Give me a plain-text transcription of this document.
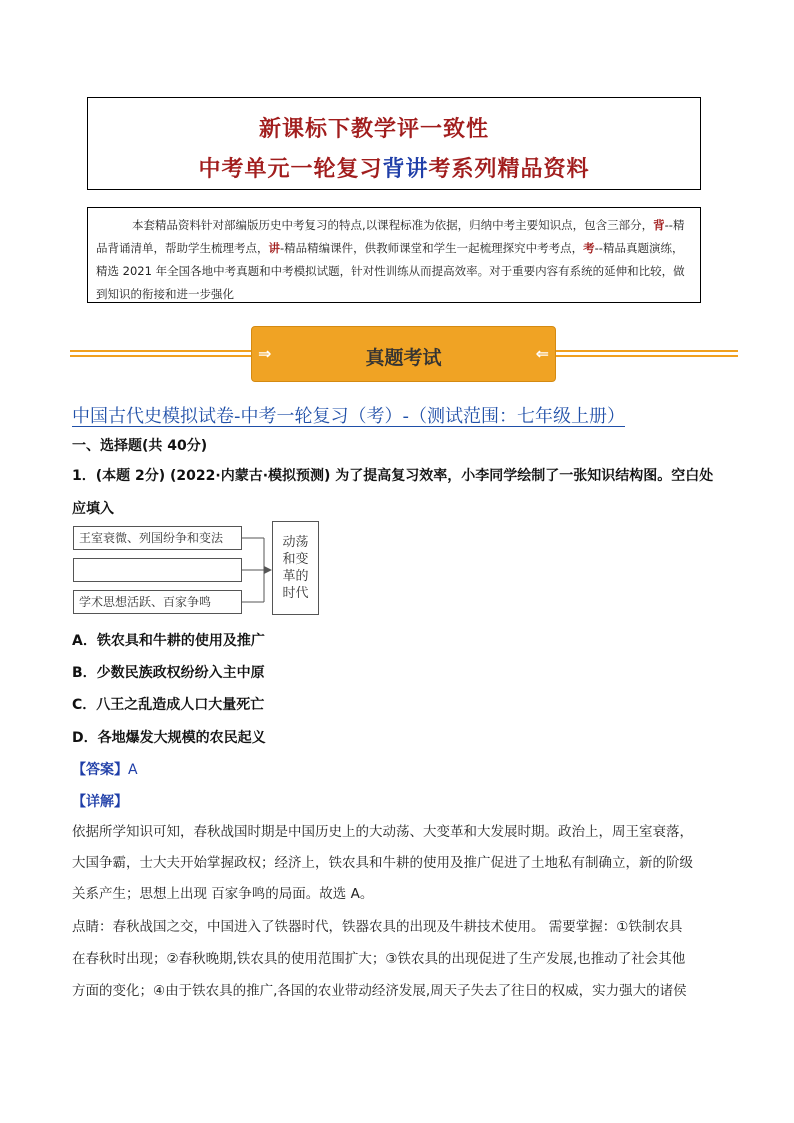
新课标下教学评一致性
中考单元一轮复习背讲考系列精品资料
本套精品资料针对部编版历史中考复习的特点,以课程标准为依据，归纳中考主要知识点，包含三部分，背--精品背诵清单，帮助学生梳理考点，讲-精品精编课件，供教师课堂和学生一起梳理探究中考考点，考--精品真题演练，精选 2021 年全国各地中考真题和中考模拟试题，针对性训练从而提高效率。对于重要内容有系统的延伸和比较，做到知识的衔接和进一步强化
⇒	真题考试	⇐
中国古代史模拟试卷-中考一轮复习（考）-（测试范围：七年级上册）
一、选择题(共 40分)
1．(本题 2分) (2022·内蒙古·模拟预测) 为了提高复习效率，小李同学绘制了一张知识结构图。空白处应填入
王室衰微、列国纷争和变法
学术思想活跃、百家争鸣
动荡
和变
革的
时代
A．铁农具和牛耕的使用及推广
B．少数民族政权纷纷入主中原
C．八王之乱造成人口大量死亡
D．各地爆发大规模的农民起义
【答案】A
【详解】
依据所学知识可知，春秋战国时期是中国历史上的大动荡、大变革和大发展时期。政治上，周王室衰落，
大国争霸，士大夫开始掌握政权；经济上，铁农具和牛耕的使用及推广促进了土地私有制确立，新的阶级
关系产生；思想上出现 百家争鸣的局面。故选 A。
点睛：春秋战国之交，中国进入了铁器时代，铁器农具的出现及牛耕技术使用。 需要掌握：①铁制农具
在春秋时出现；②春秋晚期,铁农具的使用范围扩大；③铁农具的出现促进了生产发展,也推动了社会其他
方面的变化；④由于铁农具的推广,各国的农业带动经济发展,周天子失去了往日的权威，实力强大的诸侯
